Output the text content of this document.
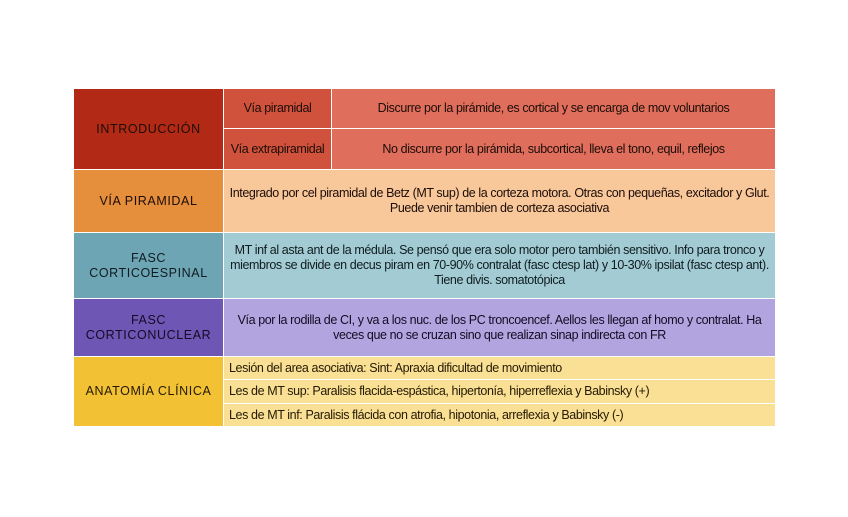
INTRODUCCIÓN	Vía piramidal	Discurre por la pirámide, es cortical y se encarga de mov voluntarios
	Vía extrapiramidal	No discurre por la pirámida, subcortical, lleva el tono, equil, reflejos
VÍA PIRAMIDAL	Integrado por cel piramidal de Betz (MT sup) de la corteza motora. Otras con pequeñas, excitador y Glut. Puede venir tambien de corteza asociativa	
FASC CORTICOESPINAL	MT inf al asta ant de la médula. Se pensó que era solo motor pero también sensitivo. Info para tronco y miembros se divide en decus piram en 70-90% contralat (fasc ctesp lat) y 10-30% ipsilat (fasc ctesp ant). Tiene divis. somatotópica	
FASC CORTICONUCLEAR	Vía por la rodilla de CI, y va a los nuc. de los PC troncoencef. Aellos les llegan af homo y contralat. Ha veces que no se cruzan sino que realizan sinap indirecta con FR	
ANATOMÍA CLÍNICA	Lesión del area asociativa: Sint: Apraxia dificultad de movimiento	
	Les de MT sup: Paralisis flacida-espástica, hipertonía, hiperreflexia y Babinsky (+)	
	Les de MT inf: Paralisis flácida con atrofia, hipotonia, arreflexia y Babinsky (-)	
